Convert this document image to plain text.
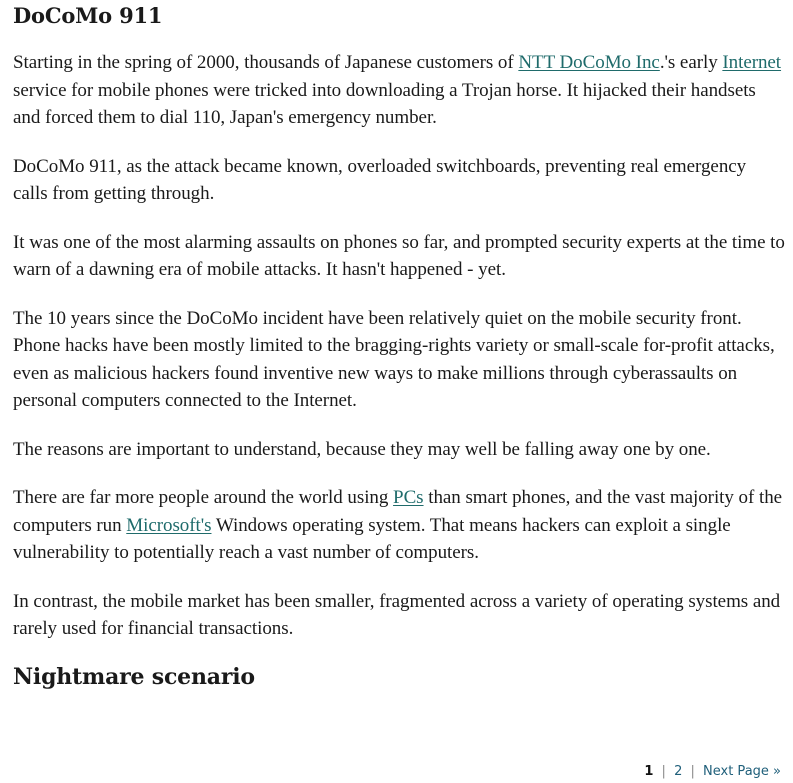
DoCoMo 911

Starting in the spring of 2000, thousands of Japanese customers of NTT DoCoMo Inc.'s early Internet service for mobile phones were tricked into downloading a Trojan horse. It hijacked their handsets and forced them to dial 110, Japan's emergency number.

DoCoMo 911, as the attack became known, overloaded switchboards, preventing real emergency calls from getting through.

It was one of the most alarming assaults on phones so far, and prompted security experts at the time to warn of a dawning era of mobile attacks. It hasn't happened - yet.

The 10 years since the DoCoMo incident have been relatively quiet on the mobile security front. Phone hacks have been mostly limited to the bragging-rights variety or small-scale for-profit attacks, even as malicious hackers found inventive new ways to make millions through cyberassaults on personal computers connected to the Internet.

The reasons are important to understand, because they may well be falling away one by one.

There are far more people around the world using PCs than smart phones, and the vast majority of the computers run Microsoft's Windows operating system. That means hackers can exploit a single vulnerability to potentially reach a vast number of computers.

In contrast, the mobile market has been smaller, fragmented across a variety of operating systems and rarely used for financial transactions.

Nightmare scenario
1 | 2 | Next Page »
